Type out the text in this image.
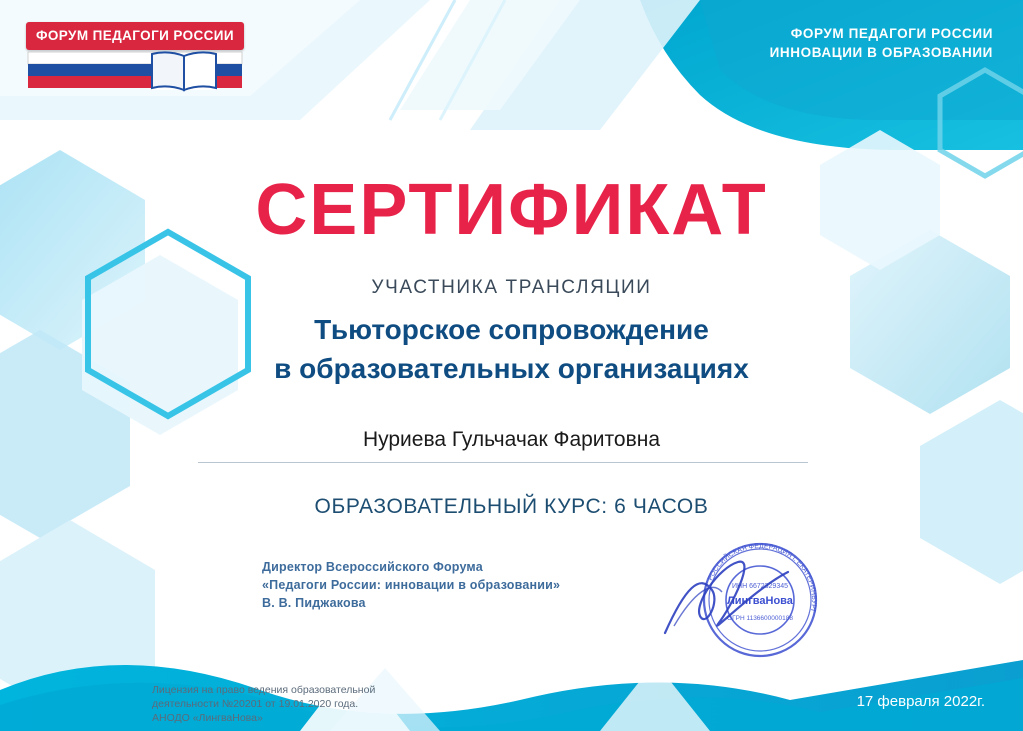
ФОРУМ ПЕДАГОГИ РОССИИ	ФОРУМ ПЕДАГОГИ РОССИИ
ИННОВАЦИИ В ОБРАЗОВАНИИ
СЕРТИФИКАТ
УЧАСТНИКА ТРАНСЛЯЦИИ
Тьюторское сопровождение
в образовательных организациях
Нуриева Гульчачак Фаритовна
ОБРАЗОВАТЕЛЬНЫЙ КУРС: 6 ЧАСОВ
Директор Всероссийского Форума
«Педагоги России: инновации в образовании»
В. В. Пиджакова
РОССИЙСКАЯ ФЕДЕРАЦИЯ г. ЕКАТЕРИНБУРГ
ИНН 6672329345
ЛингваНова
ОГРН 1136600000188
Лицензия на право ведения образовательной
деятельности №20201 от 19.01.2020 года.
АНОДО «ЛингваНова»
17 февраля 2022г.
